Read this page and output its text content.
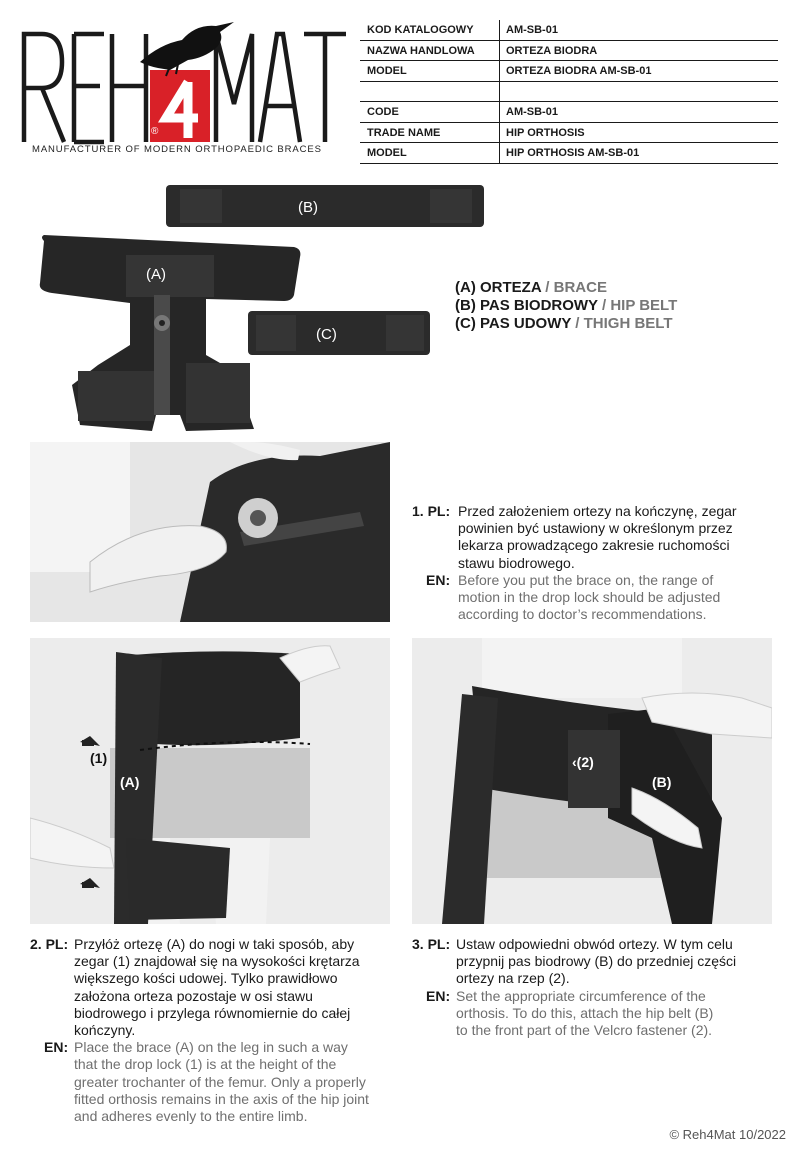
®
MANUFACTURER OF MODERN ORTHOPAEDIC BRACES
KOD KATALOGOWY	AM-SB-01
NAZWA HANDLOWA	ORTEZA BIODRA
MODEL	ORTEZA BIODRA AM-SB-01
CODE	AM-SB-01
TRADE NAME	HIP ORTHOSIS
MODEL	HIP ORTHOSIS AM-SB-01
(B)
(A)
(C)
(A) ORTEZA / BRACE
(B) PAS BIODROWY / HIP BELT
(C) PAS UDOWY / THIGH BELT
1. PL: Przed założeniem ortezy na kończynę, zegar
powinien być ustawiony w określonym przez
lekarza prowadzącego zakresie ruchomości
stawu biodrowego.
EN: Before you put the brace on, the range of
motion in the drop lock should be adjusted
according to doctor’s recommendations.
(1)
(A)
‹(2)
(B)
2. PL: Przyłóż ortezę (A) do nogi w taki sposób, aby
zegar (1) znajdował się na wysokości krętarza
większego kości udowej. Tylko prawidłowo
założona orteza pozostaje w osi stawu
biodrowego i przylega równomiernie do całej
kończyny.
EN: Place the brace (A) on the leg in such a way
that the drop lock (1) is at the height of the
greater trochanter of the femur. Only a properly
fitted orthosis remains in the axis of the hip joint
and adheres evenly to the entire limb.
3. PL: Ustaw odpowiedni obwód ortezy. W tym celu
przypnij pas biodrowy (B) do przedniej części
ortezy na rzep (2).
EN: Set the appropriate circumference of the
orthosis. To do this, attach the hip belt (B)
to the front part of the Velcro fastener (2).
© Reh4Mat 10/2022
